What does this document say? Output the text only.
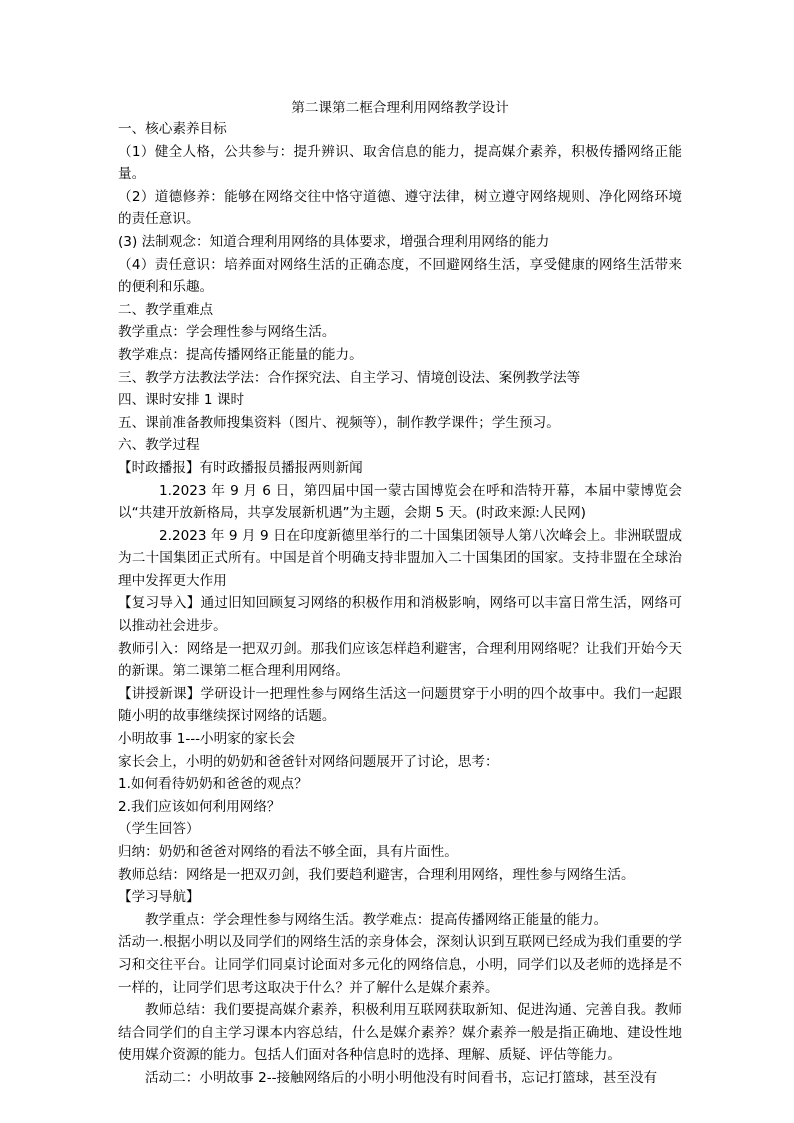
第二课第二框合理利用网络教学设计

一、核心素养目标

（1）健全人格，公共参与：提升辨识、取舍信息的能力，提高媒介素养，积极传播网络正能量。

（2）道德修养：能够在网络交往中恪守道德、遵守法律，树立遵守网络规则、净化网络环境的责任意识。

(3) 法制观念：知道合理利用网络的具体要求，增强合理利用网络的能力

（4）责任意识：培养面对网络生活的正确态度，不回避网络生活，享受健康的网络生活带来的便利和乐趣。

二、教学重难点

教学重点：学会理性参与网络生活。

教学难点：提高传播网络正能量的能力。

三、教学方法教法学法：合作探究法、自主学习、情境创设法、案例教学法等

四、课时安排 1 课时

五、课前准备教师搜集资料（图片、视频等），制作教学课件；学生预习。

六、教学过程

【时政播报】有时政播报员播报两则新闻

1.2023 年 9 月 6 日，第四届中国一蒙古国博览会在呼和浩特开幕，本届中蒙博览会以“共建开放新格局，共享发展新机遇”为主题，会期 5 天。(时政来源:人民网)

2.2023 年 9 月 9 日在印度新德里举行的二十国集团领导人第八次峰会上。非洲联盟成为二十国集团正式所有。中国是首个明确支持非盟加入二十国集团的国家。支持非盟在全球治理中发挥更大作用

【复习导入】通过旧知回顾复习网络的积极作用和消极影响，网络可以丰富日常生活，网络可以推动社会进步。

教师引入：网络是一把双刃剑。那我们应该怎样趋利避害，合理利用网络呢？让我们开始今天的新课。第二课第二框合理利用网络。

【讲授新课】学研设计一把理性参与网络生活这一问题贯穿于小明的四个故事中。我们一起跟随小明的故事继续探讨网络的话题。

小明故事 1---小明家的家长会

家长会上，小明的奶奶和爸爸针对网络问题展开了讨论，思考：

1.如何看待奶奶和爸爸的观点？

2.我们应该如何利用网络？

（学生回答）

归纳：奶奶和爸爸对网络的看法不够全面，具有片面性。

教师总结：网络是一把双刃剑，我们要趋利避害，合理利用网络，理性参与网络生活。

【学习导航】

教学重点：学会理性参与网络生活。教学难点：提高传播网络正能量的能力。

活动一.根据小明以及同学们的网络生活的亲身体会，深刻认识到互联网已经成为我们重要的学习和交往平台。让同学们同桌讨论面对多元化的网络信息，小明，同学们以及老师的选择是不一样的，让同学们思考这取决于什么？并了解什么是媒介素养。

教师总结：我们要提高媒介素养，积极利用互联网获取新知、促进沟通、完善自我。教师结合同学们的自主学习课本内容总结，什么是媒介素养？媒介素养一般是指正确地、建设性地使用媒介资源的能力。包括人们面对各种信息时的选择、理解、质疑、评估等能力。

活动二：小明故事 2--接触网络后的小明小明他没有时间看书，忘记打篮球，甚至没有
